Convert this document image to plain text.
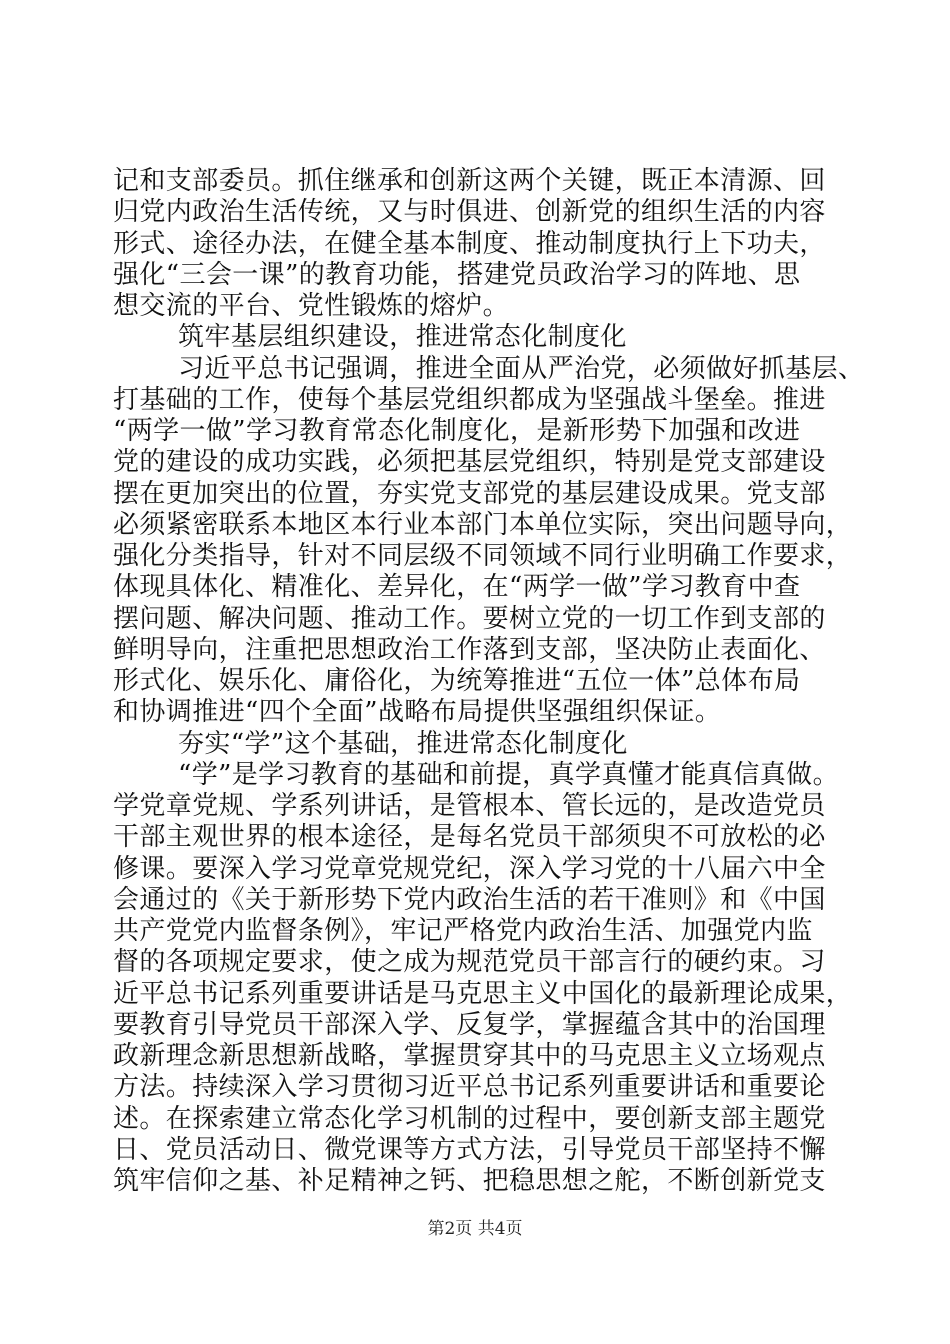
记和支部委员。抓住继承和创新这两个关键，既正本清源、回
归党内政治生活传统，又与时俱进、创新党的组织生活的内容
形式、途径办法，在健全基本制度、推动制度执行上下功夫，
强化“三会一课”的教育功能，搭建党员政治学习的阵地、思
想交流的平台、党性锻炼的熔炉。
筑牢基层组织建设，推进常态化制度化
习近平总书记强调，推进全面从严治党，必须做好抓基层、
打基础的工作，使每个基层党组织都成为坚强战斗堡垒。推进
“两学一做”学习教育常态化制度化，是新形势下加强和改进
党的建设的成功实践，必须把基层党组织，特别是党支部建设
摆在更加突出的位置，夯实党支部党的基层建设成果。党支部
必须紧密联系本地区本行业本部门本单位实际，突出问题导向，
强化分类指导，针对不同层级不同领域不同行业明确工作要求，
体现具体化、精准化、差异化，在“两学一做”学习教育中查
摆问题、解决问题、推动工作。要树立党的一切工作到支部的
鲜明导向，注重把思想政治工作落到支部，坚决防止表面化、
形式化、娱乐化、庸俗化，为统筹推进“五位一体”总体布局
和协调推进“四个全面”战略布局提供坚强组织保证。
夯实“学”这个基础，推进常态化制度化
“学”是学习教育的基础和前提，真学真懂才能真信真做。
学党章党规、学系列讲话，是管根本、管长远的，是改造党员
干部主观世界的根本途径，是每名党员干部须臾不可放松的必
修课。要深入学习党章党规党纪，深入学习党的十八届六中全
会通过的《关于新形势下党内政治生活的若干准则》和《中国
共产党党内监督条例》，牢记严格党内政治生活、加强党内监
督的各项规定要求，使之成为规范党员干部言行的硬约束。习
近平总书记系列重要讲话是马克思主义中国化的最新理论成果，
要教育引导党员干部深入学、反复学，掌握蕴含其中的治国理
政新理念新思想新战略，掌握贯穿其中的马克思主义立场观点
方法。持续深入学习贯彻习近平总书记系列重要讲话和重要论
述。在探索建立常态化学习机制的过程中，要创新支部主题党
日、党员活动日、微党课等方式方法，引导党员干部坚持不懈
筑牢信仰之基、补足精神之钙、把稳思想之舵，不断创新党支
第2页 共4页
